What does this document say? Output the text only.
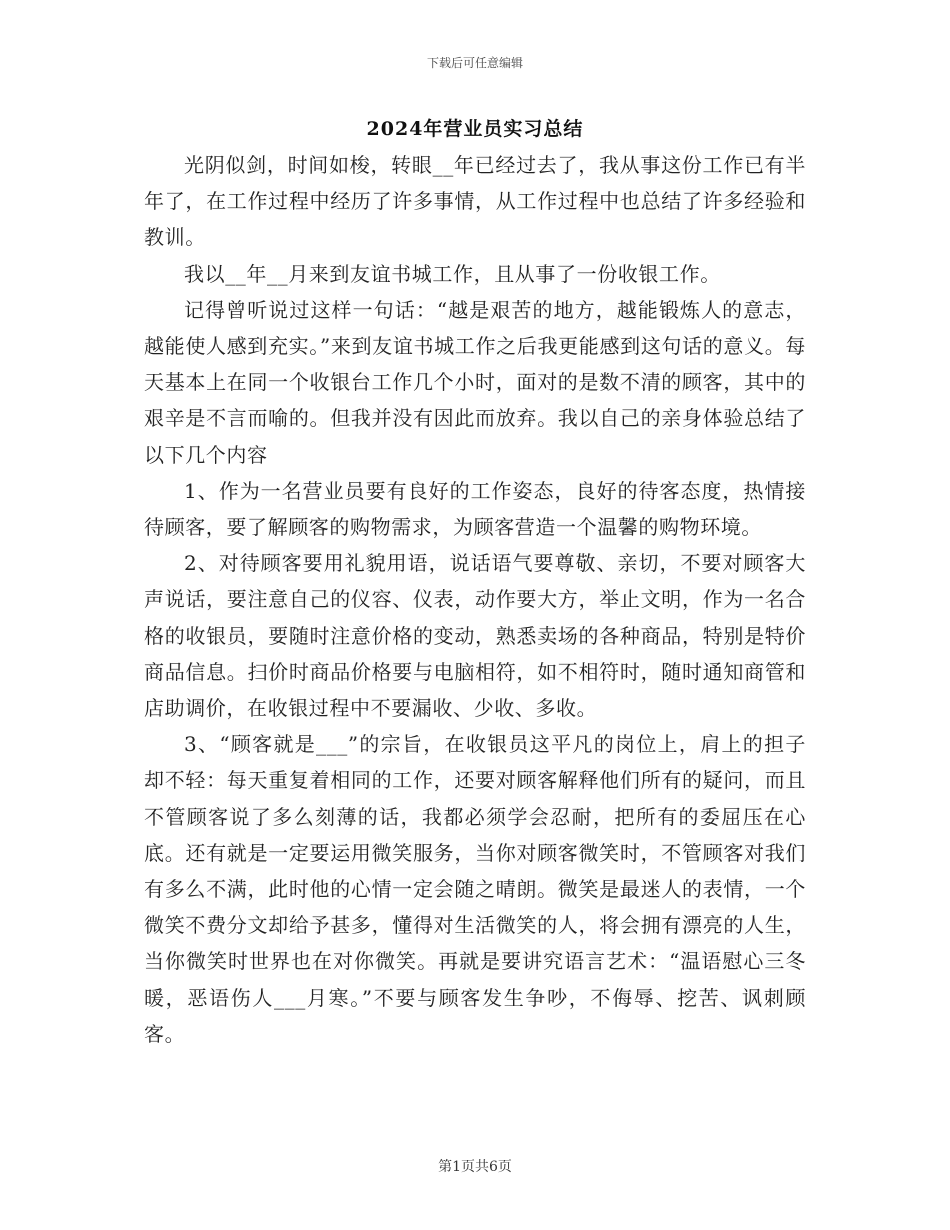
下载后可任意编辑
2024年营业员实习总结

光阴似剑，时间如梭，转眼__年已经过去了，我从事这份工作已有半年了，在工作过程中经历了许多事情，从工作过程中也总结了许多经验和教训。

我以__年__月来到友谊书城工作，且从事了一份收银工作。

记得曾听说过这样一句话：“越是艰苦的地方，越能锻炼人的意志，越能使人感到充实。”来到友谊书城工作之后我更能感到这句话的意义。每天基本上在同一个收银台工作几个小时，面对的是数不清的顾客，其中的艰辛是不言而喻的。但我并没有因此而放弃。我以自己的亲身体验总结了以下几个内容

1、作为一名营业员要有良好的工作姿态，良好的待客态度，热情接待顾客，要了解顾客的购物需求，为顾客营造一个温馨的购物环境。

2、对待顾客要用礼貌用语，说话语气要尊敬、亲切，不要对顾客大声说话，要注意自己的仪容、仪表，动作要大方，举止文明，作为一名合格的收银员，要随时注意价格的变动，熟悉卖场的各种商品，特别是特价商品信息。扫价时商品价格要与电脑相符，如不相符时，随时通知商管和店助调价，在收银过程中不要漏收、少收、多收。

3、“顾客就是___”的宗旨，在收银员这平凡的岗位上，肩上的担子却不轻：每天重复着相同的工作，还要对顾客解释他们所有的疑问，而且不管顾客说了多么刻薄的话，我都必须学会忍耐，把所有的委屈压在心底。还有就是一定要运用微笑服务，当你对顾客微笑时，不管顾客对我们有多么不满，此时他的心情一定会随之晴朗。微笑是最迷人的表情，一个微笑不费分文却给予甚多，懂得对生活微笑的人，将会拥有漂亮的人生，当你微笑时世界也在对你微笑。再就是要讲究语言艺术：“温语慰心三冬暖，恶语伤人___月寒。”不要与顾客发生争吵，不侮辱、挖苦、讽刺顾客。

第1页共6页
